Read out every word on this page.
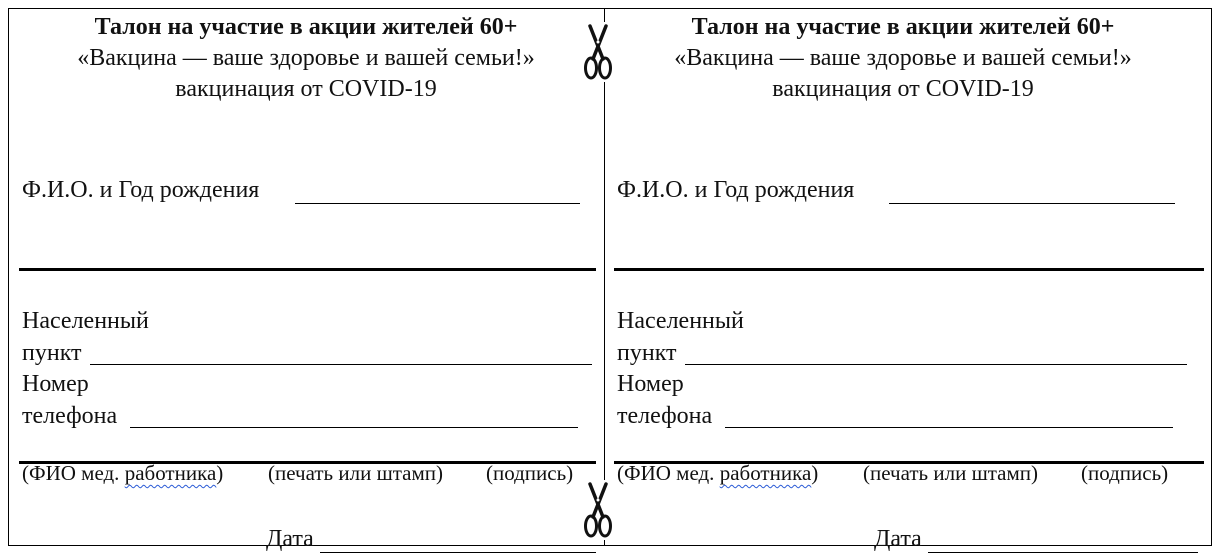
Талон на участие в акции жителей 60+
«Вакцина — ваше здоровье и вашей семьи!»
вакцинация от COVID-19
Ф.И.О. и Год рождения
Населенный
пункт
Номер
телефона
(ФИО мед. работника) (печать или штамп) (подпись)
Дата
Талон на участие в акции жителей 60+
«Вакцина — ваше здоровье и вашей семьи!»
вакцинация от COVID-19
Ф.И.О. и Год рождения
Населенный
пункт
Номер
телефона
(ФИО мед. работника) (печать или штамп) (подпись)
Дата
